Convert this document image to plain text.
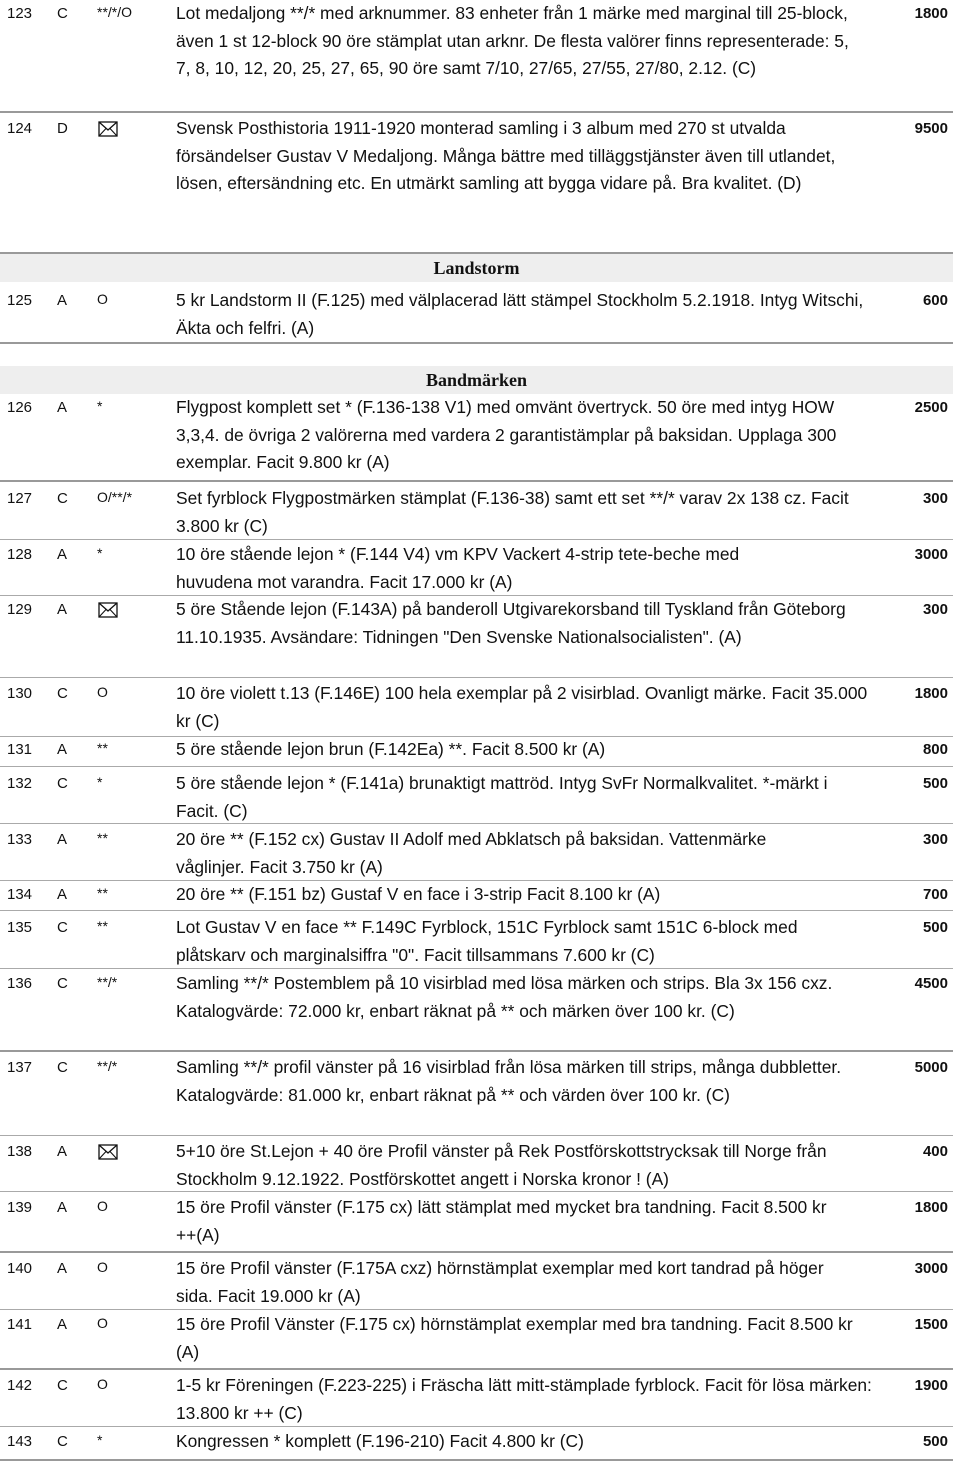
123 C **/*/O	Lot medaljong **/* med arknummer. 83 enheter från 1 märke med marginal till 25-block, även 1 st 12-block 90 öre stämplat utan arknr. De flesta valörer finns representerade: 5, 7, 8, 10, 12, 20, 25, 27, 65, 90 öre samt 7/10, 27/65, 27/55, 27/80, 2.12. (C)
1800
124 D	Svensk Posthistoria 1911-1920 monterad samling i 3 album med 270 st utvalda försändelser Gustav V Medaljong. Många bättre med tilläggstjänster även till utlandet, lösen, eftersändning etc. En utmärkt samling att bygga vidare på. Bra kvalitet. (D)
9500
Landstorm
125 A O	5 kr Landstorm II (F.125) med välplacerad lätt stämpel Stockholm 5.2.1918. Intyg Witschi, Äkta och felfri. (A)
600
Bandmärken
126 A *	Flygpost komplett set * (F.136-138 V1) med omvänt övertryck. 50 öre med intyg HOW 3,3,4. de övriga 2 valörerna med vardera 2 garantistämplar på baksidan. Upplaga 300 exemplar. Facit 9.800 kr (A)
2500
127 C O/**/*	Set fyrblock Flygpostmärken stämplat (F.136-38) samt ett set **/* varav 2x 138 cz. Facit 3.800 kr (C)
300
128 A *	10 öre stående lejon * (F.144 V4) vm KPV Vackert 4-strip tete-beche med huvudena mot varandra. Facit 17.000 kr (A)
3000
129 A	5 öre Stående lejon (F.143A) på banderoll Utgivarekorsband till Tyskland från Göteborg 11.10.1935. Avsändare: Tidningen "Den Svenske Nationalsocialisten". (A)
300
130 C O	10 öre violett t.13 (F.146E) 100 hela exemplar på 2 visirblad. Ovanligt märke. Facit 35.000 kr (C)
1800
131 A **	5 öre stående lejon brun (F.142Ea) **. Facit 8.500 kr (A)	800
132 C *	5 öre stående lejon * (F.141a) brunaktigt mattröd. Intyg SvFr Normalkvalitet. *-märkt i Facit. (C)
500
133 A **	20 öre ** (F.152 cx) Gustav II Adolf med Abklatsch på baksidan. Vattenmärke våglinjer. Facit 3.750 kr (A)
300
134 A **	20 öre ** (F.151 bz) Gustaf V en face i 3-strip Facit 8.100 kr (A)	700
135 C **	Lot Gustav V en face ** F.149C Fyrblock, 151C Fyrblock samt 151C 6-block med plåtskarv och marginalsiffra "0". Facit tillsammans 7.600 kr (C)
500
136 C **/*	Samling **/* Postemblem på 10 visirblad med lösa märken och strips. Bla 3x 156 cxz. Katalogvärde: 72.000 kr, enbart räknat på ** och märken över 100 kr. (C)
4500
137 C **/*	Samling **/* profil vänster på 16 visirblad från lösa märken till strips, många dubbletter. Katalogvärde: 81.000 kr, enbart räknat på ** och värden över 100 kr. (C)
5000
138 A	5+10 öre St.Lejon + 40 öre Profil vänster på Rek Postförskottstrycksak till Norge från Stockholm 9.12.1922. Postförskottet angett i Norska kronor ! (A)
400
139 A O	15 öre Profil vänster (F.175 cx) lätt stämplat med mycket bra tandning. Facit 8.500 kr ++(A)
1800
140 A O	15 öre Profil vänster (F.175A cxz) hörnstämplat exemplar med kort tandrad på höger sida. Facit 19.000 kr (A)
3000
141 A O	15 öre Profil Vänster (F.175 cx) hörnstämplat exemplar med bra tandning. Facit 8.500 kr (A)
1500
142 C O	1-5 kr Föreningen (F.223-225) i Fräscha lätt mitt-stämplade fyrblock. Facit för lösa märken: 13.800 kr ++ (C)
1900
143 C *	Kongressen * komplett (F.196-210) Facit 4.800 kr (C)	500
